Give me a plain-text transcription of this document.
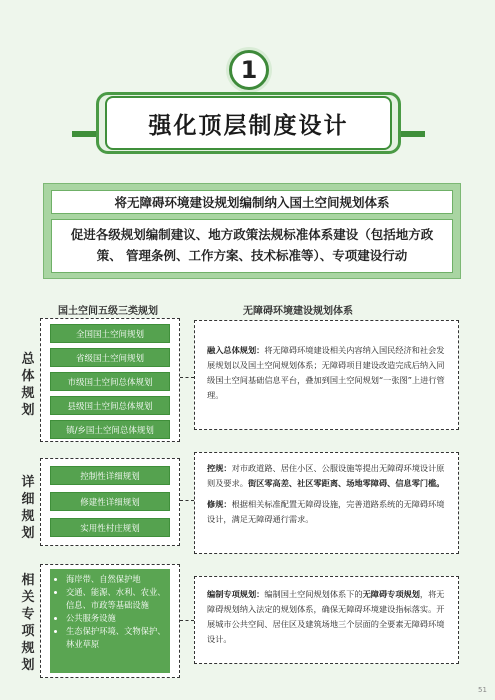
1
强化顶层制度设计
将无障碍环境建设规划编制纳入国土空间规划体系
促进各级规划编制建议、地方政策法规标准体系建设（包括地方政策、 管理条例、工作方案、技术标准等）、专项建设行动
国土空间五级三类规划	无障碍环境建设规划体系
总体规划
全国国土空间规划
省级国土空间规划
市级国土空间总体规划
县级国土空间总体规划
镇/乡国土空间总体规划
融入总体规划：将无障碍环境建设相关内容纳入国民经济和社会发展规划以及国土空间规划体系；无障碍项目建设改造完成后纳入同级国土空间基础信息平台，叠加到国土空间规划“一张图”上进行管理。
详细规划
控制性详细规划
修建性详细规划
实用性村庄规划
控规：对市政道路、居住小区、公服设施等提出无障碍环境设计原则及要求。街区零高差、社区零距离、场地零障碍、信息零门槛。
修规：根据相关标准配置无障碍设施，完善道路系统的无障碍环境设计，满足无障碍通行需求。
相关专项规划
• 海岸带、自然保护地
• 交通、能源、水利、农业、信息、市政等基础设施
• 公共服务设施
• 生态保护环境、文物保护、林业草原
编制专项规划：编制国土空间规划体系下的无障碍专项规划，将无障碍规划纳入法定的规划体系，确保无障碍环境建设指标落实。开展城市公共空间、居住区及建筑场地三个层面的全要素无障碍环境设计。
51
